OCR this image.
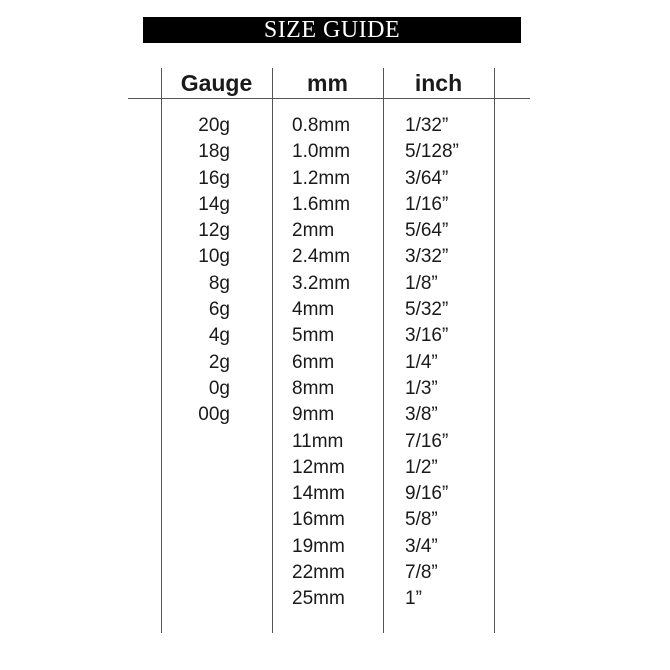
SIZE GUIDE
Gauge	mm	inch
20g
18g
16g
14g
12g
10g
8g
6g
4g
2g
0g
00g
0.8mm
1.0mm
1.2mm
1.6mm
2mm
2.4mm
3.2mm
4mm
5mm
6mm
8mm
9mm
11mm
12mm
14mm
16mm
19mm
22mm
25mm
1/32”
5/128”
3/64”
1/16”
5/64”
3/32”
1/8”
5/32”
3/16”
1/4”
1/3”
3/8”
7/16”
1/2”
9/16”
5/8”
3/4”
7/8”
1”
